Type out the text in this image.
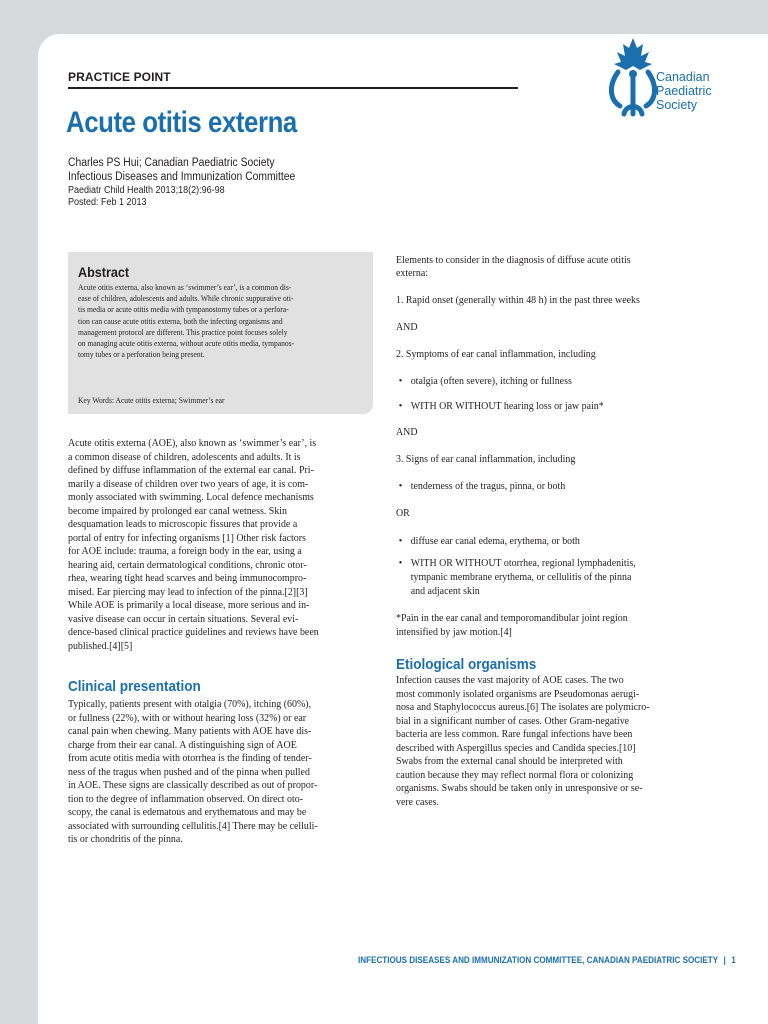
PRACTICE POINT
Acute otitis externa
Charles PS Hui; Canadian Paediatric Society
Infectious Diseases and Immunization Committee
Paediatr Child Health 2013;18(2):96-98
Posted: Feb 1 2013
Canadian
Paediatric
Society
Abstract
Acute otitis externa, also known as ‘swimmer’s ear’, is a common dis-
ease of children, adolescents and adults. While chronic suppurative oti-
tis media or acute otitis media with tympanostomy tubes or a perfora-
tion can cause acute otitis externa, both the infecting organisms and
management protocol are different. This practice point focuses solely
on managing acute otitis externa, without acute otitis media, tympanos-
tomy tubes or a perforation being present.
Key Words: Acute otitis externa; Swimmer’s ear
Acute otitis externa (AOE), also known as ‘swimmer’s ear’, is
a common disease of children, adolescents and adults. It is
defined by diffuse inflammation of the external ear canal. Pri-
marily a disease of children over two years of age, it is com-
monly associated with swimming. Local defence mechanisms
become impaired by prolonged ear canal wetness. Skin
desquamation leads to microscopic fissures that provide a
portal of entry for infecting organisms [1] Other risk factors
for AOE include: trauma, a foreign body in the ear, using a
hearing aid, certain dermatological conditions, chronic otor-
rhea, wearing tight head scarves and being immunocompro-
mised. Ear piercing may lead to infection of the pinna.[2][3]
While AOE is primarily a local disease, more serious and in-
vasive disease can occur in certain situations. Several evi-
dence-based clinical practice guidelines and reviews have been
published.[4][5]
Clinical presentation
Typically, patients present with otalgia (70%), itching (60%),
or fullness (22%), with or without hearing loss (32%) or ear
canal pain when chewing. Many patients with AOE have dis-
charge from their ear canal. A distinguishing sign of AOE
from acute otitis media with otorrhea is the finding of tender-
ness of the tragus when pushed and of the pinna when pulled
in AOE. These signs are classically described as out of propor-
tion to the degree of inflammation observed. On direct oto-
scopy, the canal is edematous and erythematous and may be
associated with surrounding cellulitis.[4] There may be celluli-
tis or chondritis of the pinna.
Elements to consider in the diagnosis of diffuse acute otitis
externa:
1. Rapid onset (generally within 48 h) in the past three weeks
AND
2. Symptoms of ear canal inflammation, including
• otalgia (often severe), itching or fullness
• WITH OR WITHOUT hearing loss or jaw pain*
AND
3. Signs of ear canal inflammation, including
• tenderness of the tragus, pinna, or both
OR
• diffuse ear canal edema, erythema, or both
• WITH OR WITHOUT otorrhea, regional lymphadenitis,
tympanic membrane erythema, or cellulitis of the pinna
and adjacent skin
*Pain in the ear canal and temporomandibular joint region
intensified by jaw motion.[4]
Etiological organisms
Infection causes the vast majority of AOE cases. The two
most commonly isolated organisms are Pseudomonas aerugi-
nosa and Staphylococcus aureus.[6] The isolates are polymicro-
bial in a significant number of cases. Other Gram-negative
bacteria are less common. Rare fungal infections have been
described with Aspergillus species and Candida species.[10]
Swabs from the external canal should be interpreted with
caution because they may reflect normal flora or colonizing
organisms. Swabs should be taken only in unresponsive or se-
vere cases.
INFECTIOUS DISEASES AND IMMUNIZATION COMMITTEE, CANADIAN PAEDIATRIC SOCIETY | 1
